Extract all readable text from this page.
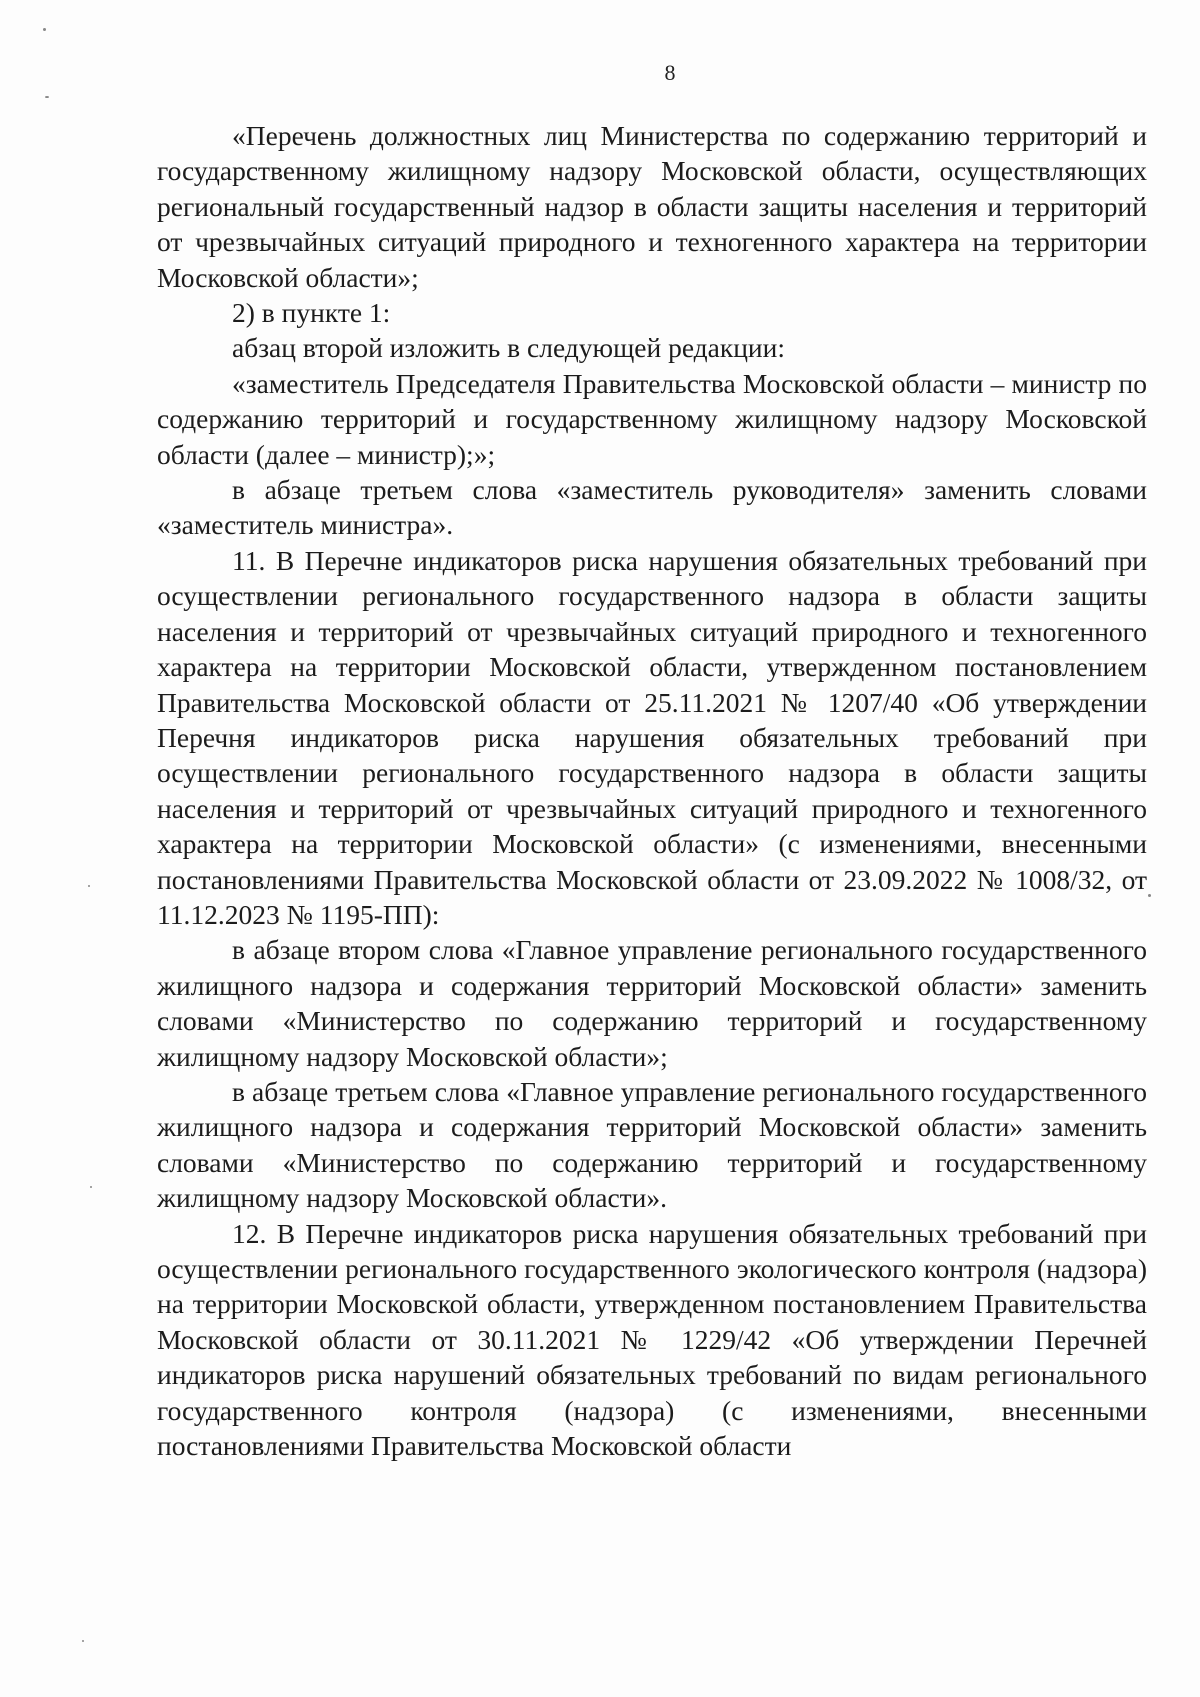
8

«Перечень должностных лиц Министерства по содержанию территорий и государственному жилищному надзору Московской области, осуществляющих региональный государственный надзор в области защиты населения и территорий от чрезвычайных ситуаций природного и техногенного характера на территории Московской области»;

2) в пункте 1:

абзац второй изложить в следующей редакции:

«заместитель Председателя Правительства Московской области – министр по содержанию территорий и государственному жилищному надзору Московской области (далее – министр);»;

в абзаце третьем слова «заместитель руководителя» заменить словами «заместитель министра».

11. В Перечне индикаторов риска нарушения обязательных требований при осуществлении регионального государственного надзора в области защиты населения и территорий от чрезвычайных ситуаций природного и техногенного характера на территории Московской области, утвержденном постановлением Правительства Московской области от 25.11.2021 № 1207/40 «Об утверждении Перечня индикаторов риска нарушения обязательных требований при осуществлении регионального государственного надзора в области защиты населения и территорий от чрезвычайных ситуаций природного и техногенного характера на территории Московской области» (с изменениями, внесенными постановлениями Правительства Московской области от 23.09.2022 № 1008/32, от 11.12.2023 № 1195-ПП):

в абзаце втором слова «Главное управление регионального государственного жилищного надзора и содержания территорий Московской области» заменить словами «Министерство по содержанию территорий и государственному жилищному надзору Московской области»;

в абзаце третьем слова «Главное управление регионального государственного жилищного надзора и содержания территорий Московской области» заменить словами «Министерство по содержанию территорий и государственному жилищному надзору Московской области».

12. В Перечне индикаторов риска нарушения обязательных требований при осуществлении регионального государственного экологического контроля (надзора) на территории Московской области, утвержденном постановлением Правительства Московской области от 30.11.2021 № 1229/42 «Об утверждении Перечней индикаторов риска нарушений обязательных требований по видам регионального государственного контроля (надзора) (с изменениями, внесенными постановлениями Правительства Московской области
